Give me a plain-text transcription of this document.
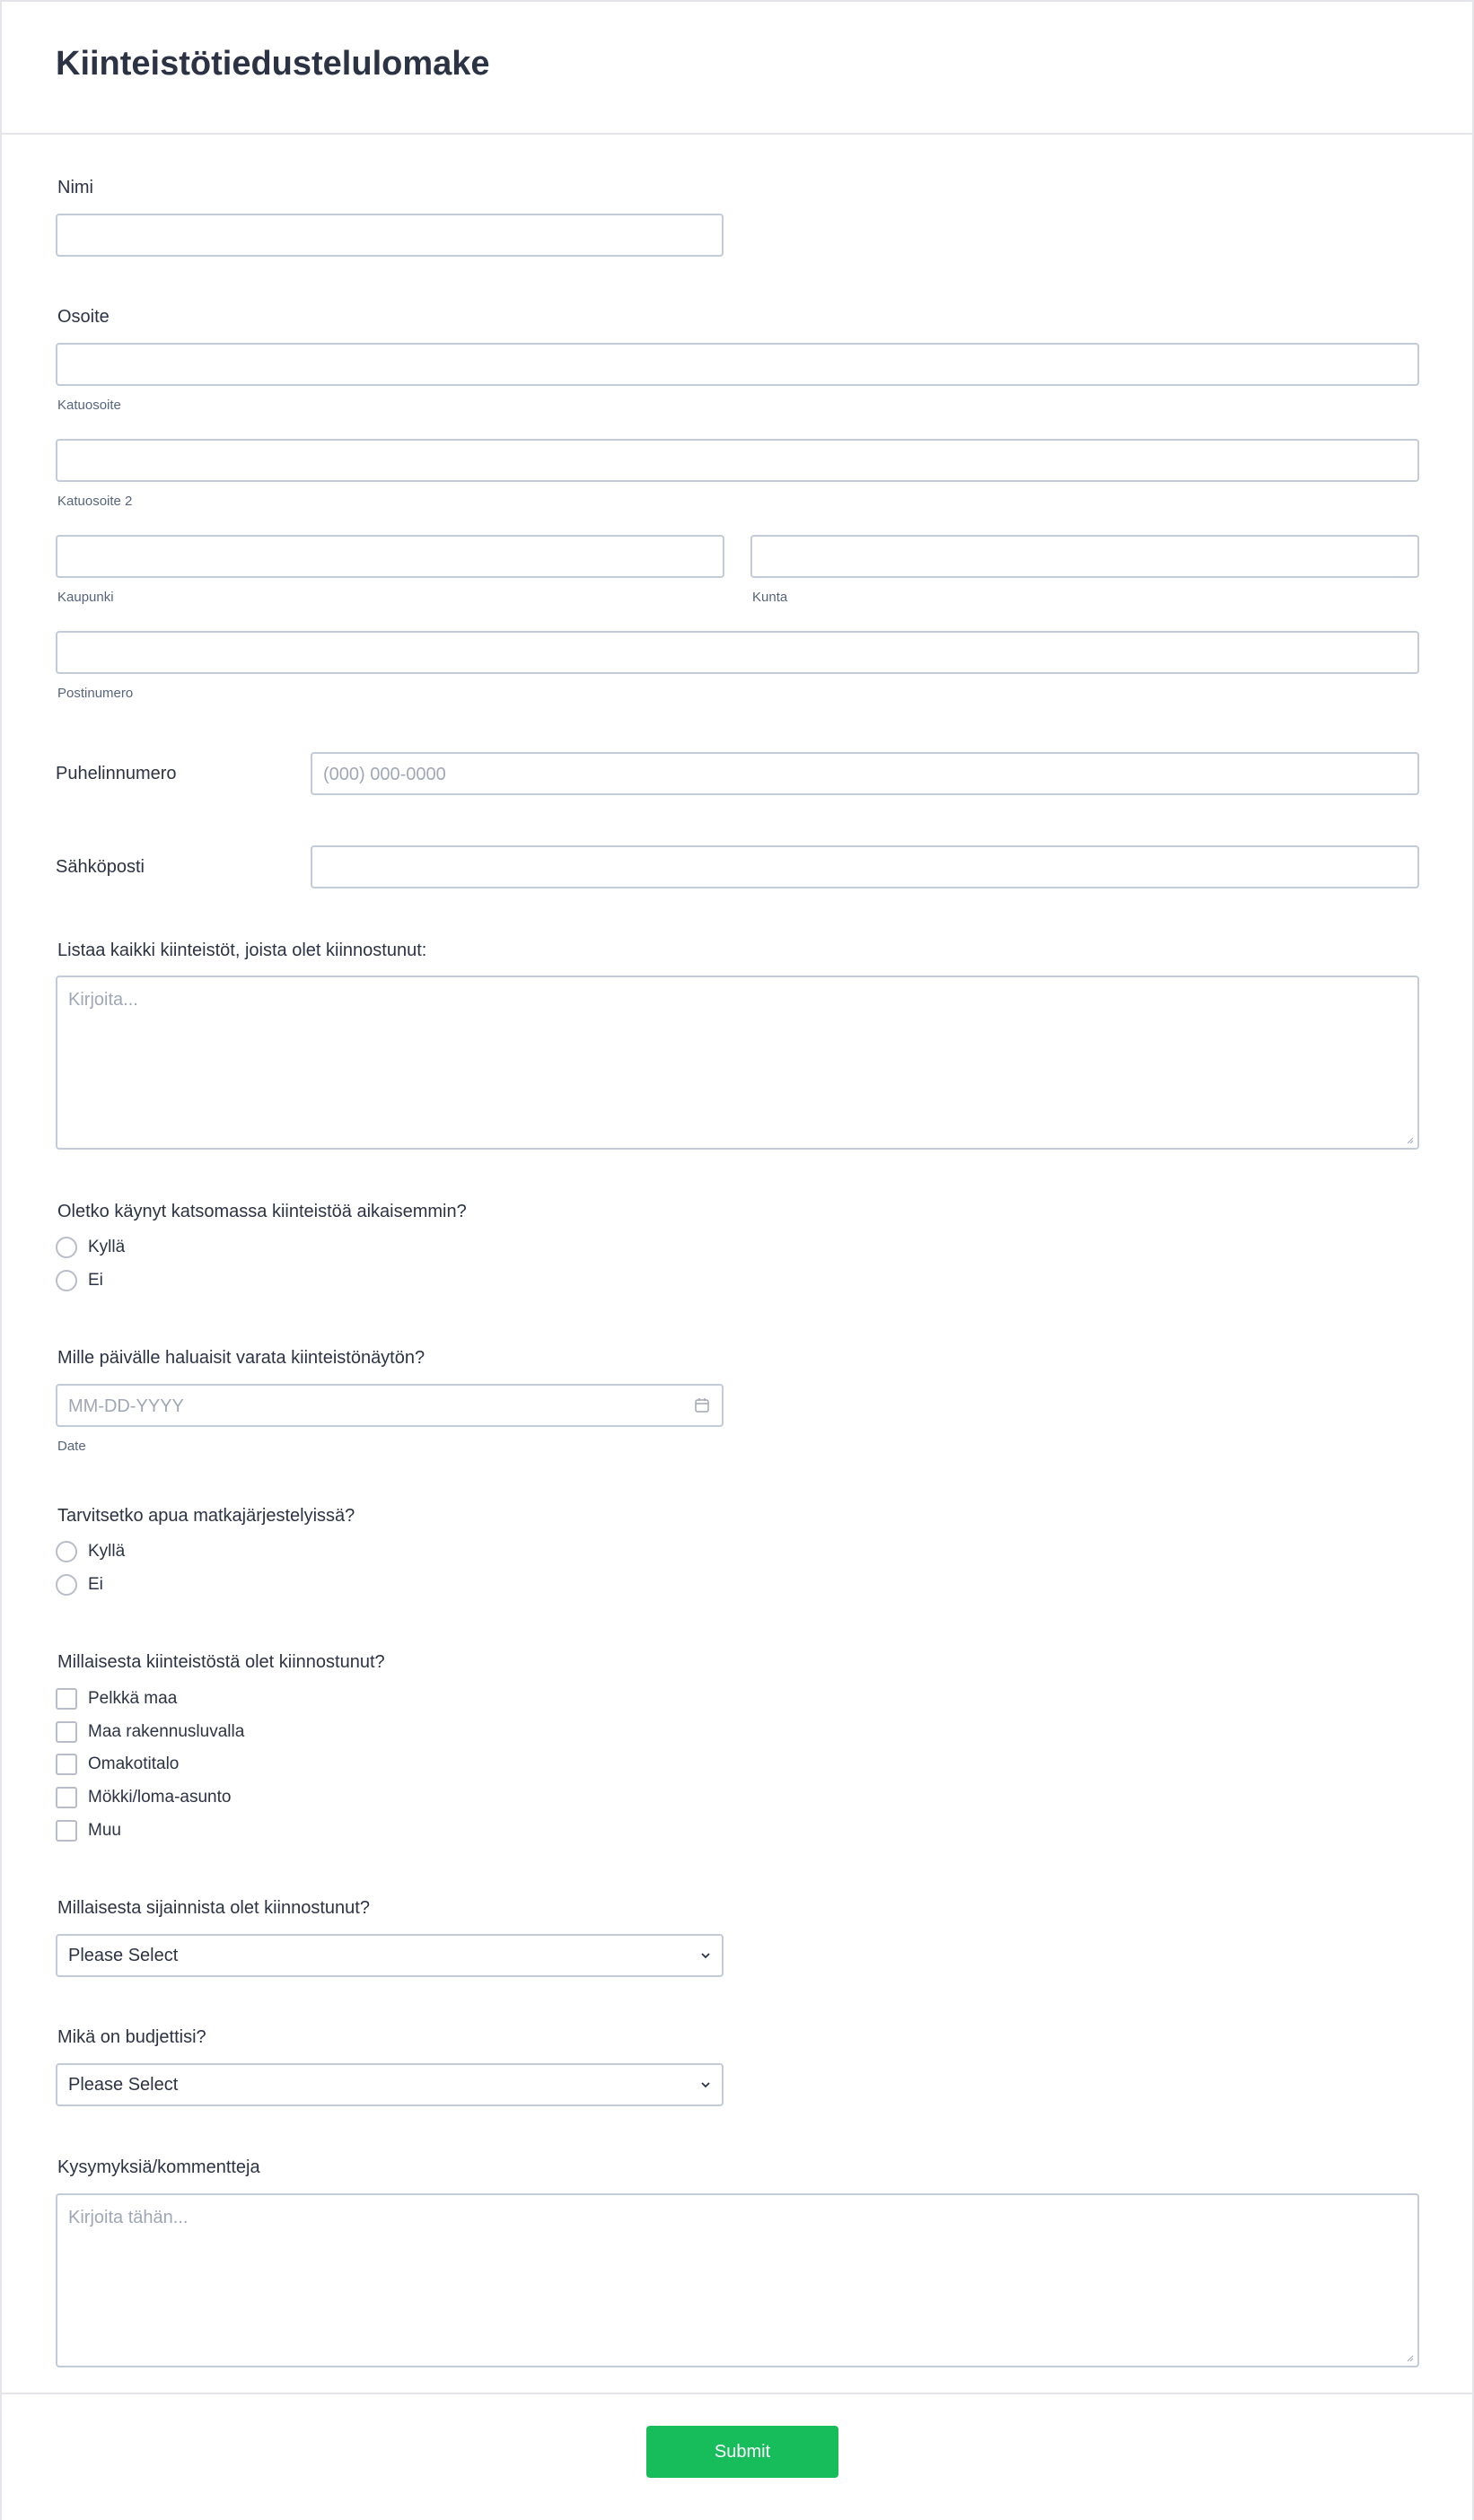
Kiinteistötiedustelulomake
Nimi
Osoite
Katuosoite
Katuosoite 2
Kaupunki	Kunta
Postinumero
Puhelinnumero	(000) 000-0000
Sähköposti
Listaa kaikki kiinteistöt, joista olet kiinnostunut:
Kirjoita...
Oletko käynyt katsomassa kiinteistöä aikaisemmin?
Kyllä
Ei
Mille päivälle haluaisit varata kiinteistönäytön?
MM-DD-YYYY
Date
Tarvitsetko apua matkajärjestelyissä?
Kyllä
Ei
Millaisesta kiinteistöstä olet kiinnostunut?
Pelkkä maa
Maa rakennusluvalla
Omakotitalo
Mökki/loma-asunto
Muu
Millaisesta sijainnista olet kiinnostunut?
Please Select
Mikä on budjettisi?
Please Select
Kysymyksiä/kommentteja
Kirjoita tähän...
Submit
